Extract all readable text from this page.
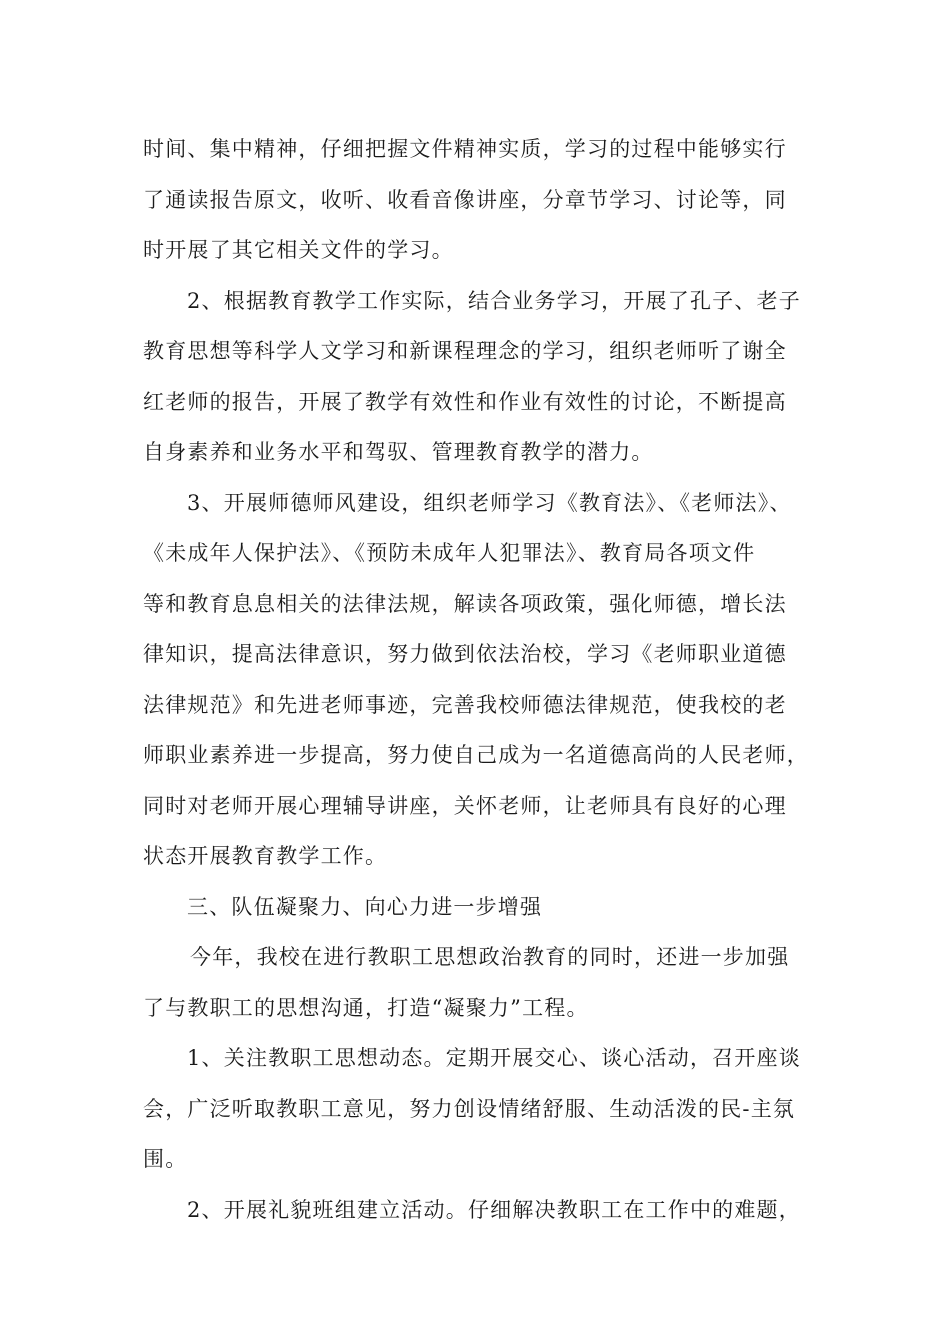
时间、集中精神，仔细把握文件精神实质，学习的过程中能够实行
了通读报告原文，收听、收看音像讲座，分章节学习、讨论等，同
时开展了其它相关文件的学习。
2、根据教育教学工作实际，结合业务学习，开展了孔子、老子
教育思想等科学人文学习和新课程理念的学习，组织老师听了谢全
红老师的报告，开展了教学有效性和作业有效性的讨论，不断提高
自身素养和业务水平和驾驭、管理教育教学的潜力。
3、开展师德师风建设，组织老师学习《教育法》、《老师法》、
《未成年人保护法》、《预防未成年人犯罪法》、教育局各项文件
等和教育息息相关的法律法规，解读各项政策，强化师德，增长法
律知识，提高法律意识，努力做到依法治校，学习《老师职业道德
法律规范》和先进老师事迹，完善我校师德法律规范，使我校的老
师职业素养进一步提高，努力使自己成为一名道德高尚的人民老师，
同时对老师开展心理辅导讲座，关怀老师，让老师具有良好的心理
状态开展教育教学工作。
三、队伍凝聚力、向心力进一步增强
今年，我校在进行教职工思想政治教育的同时，还进一步加强
了与教职工的思想沟通，打造“凝聚力”工程。
1、关注教职工思想动态。定期开展交心、谈心活动，召开座谈
会，广泛听取教职工意见，努力创设情绪舒服、生动活泼的民-主氛
围。
2、开展礼貌班组建立活动。仔细解决教职工在工作中的难题，
